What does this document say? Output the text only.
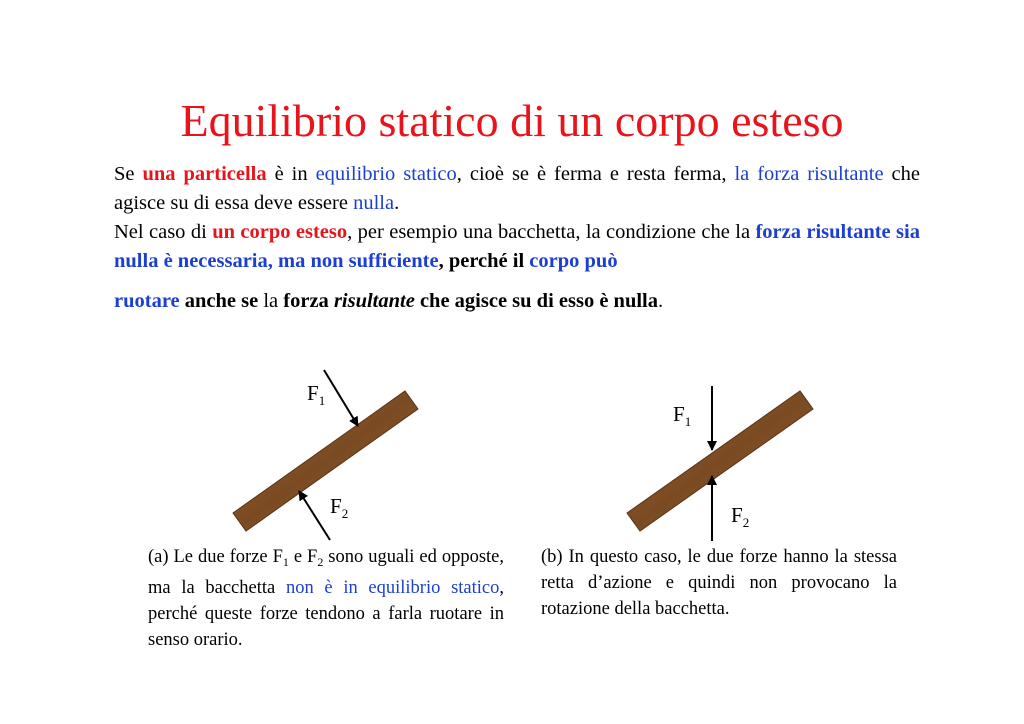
Equilibrio statico di un corpo esteso
Se una particella è in equilibrio statico, cioè se è ferma e resta ferma, la forza risultante che agisce su di essa deve essere nulla.
Nel caso di un corpo esteso, per esempio una bacchetta, la condizione che la forza risultante sia nulla è necessaria, ma non sufficiente, perché il corpo può
ruotare anche se la forza risultante che agisce su di esso è nulla.
$F_1$
$F_2$
$F_1$
$F_2$
(a) Le due forze $F_1$ e $F_2$ sono uguali ed opposte, ma la bacchetta non è in equilibrio statico, perché queste forze tendono a farla ruotare in senso orario.
(b) In questo caso, le due forze hanno la stessa retta d’azione e quindi non provocano la rotazione della bacchetta.
